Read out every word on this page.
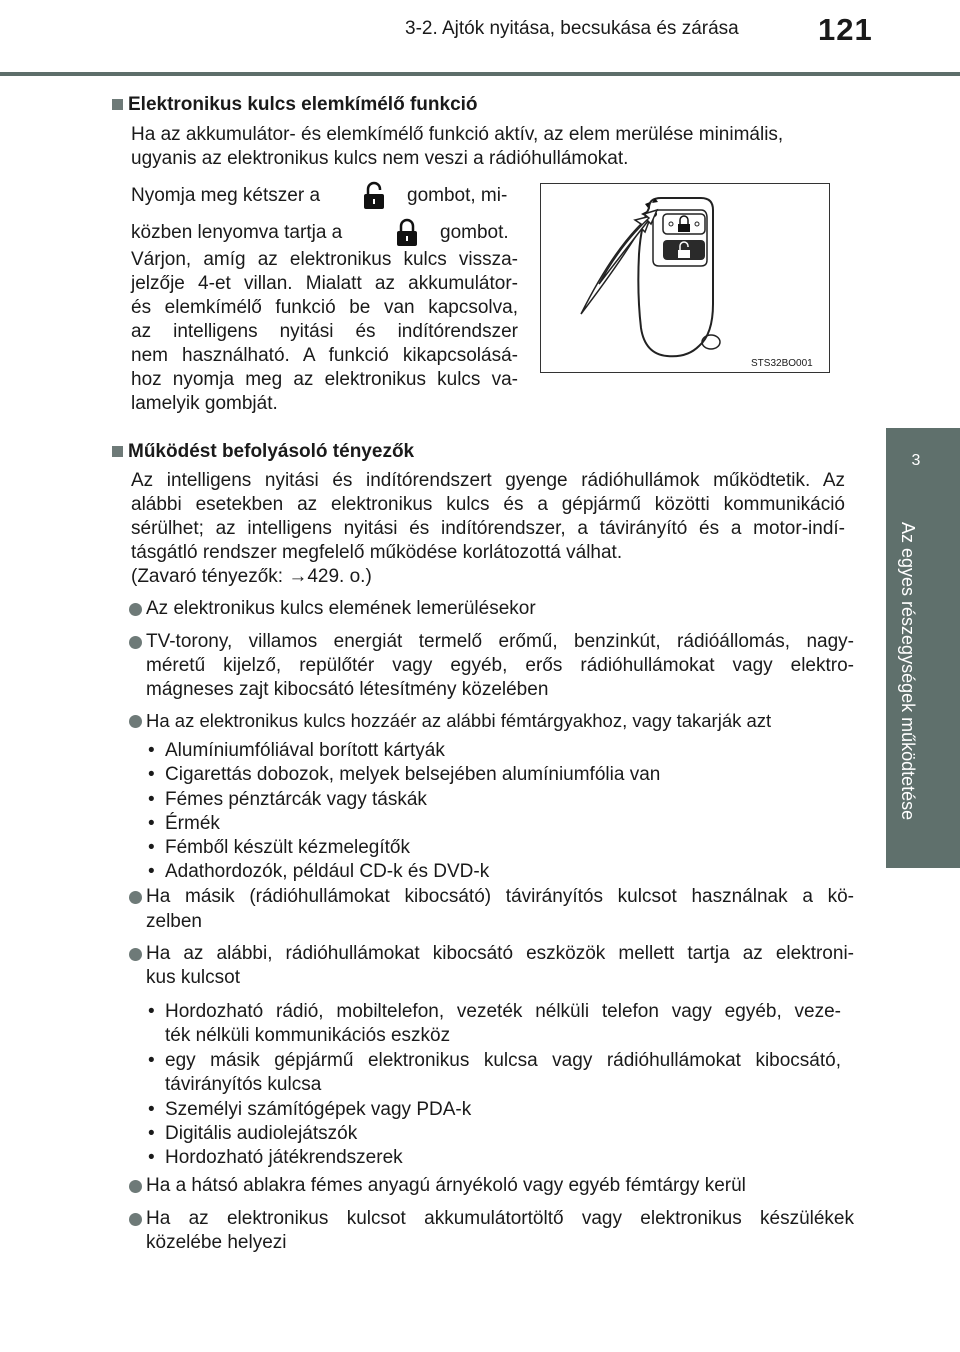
3-2. Ajtók nyitása, becsukása és zárása	121
3
Az egyes részegységek működtetése
Elektronikus kulcs elemkímélő funkció
Ha az akkumulátor- és elemkímélő funkció aktív, az elem merülése minimális,
ugyanis az elektronikus kulcs nem veszi a rádióhullámokat.
Nyomja meg kétszer a	gombot, mi-
közben lenyomva tartja a	gombot.
Várjon, amíg az elektronikus kulcs vissza-
jelzője 4-et villan. Mialatt az akkumulátor-
és elemkímélő funkció be van kapcsolva,
az intelligens nyitási és indítórendszer
nem használható. A funkció kikapcsolásá-
hoz nyomja meg az elektronikus kulcs va-
lamelyik gombját.
STS32BO001
Működést befolyásoló tényezők
Az intelligens nyitási és indítórendszert gyenge rádióhullámok működtetik. Az
alábbi esetekben az elektronikus kulcs és a gépjármű közötti kommunikáció
sérülhet; az intelligens nyitási és indítórendszer, a távirányító és a motor-indí-
tásgátló rendszer megfelelő működése korlátozottá válhat.
(Zavaró tényezők: →429. o.)
Az elektronikus kulcs elemének lemerülésekor
TV-torony, villamos energiát termelő erőmű, benzinkút, rádióállomás, nagy-
méretű kijelző, repülőtér vagy egyéb, erős rádióhullámokat vagy elektro-
mágneses zajt kibocsátó létesítmény közelében
Ha az elektronikus kulcs hozzáér az alábbi fémtárgyakhoz, vagy takarják azt
• Alumíniumfóliával borított kártyák
• Cigarettás dobozok, melyek belsejében alumíniumfólia van
• Fémes pénztárcák vagy táskák
• Érmék
• Fémből készült kézmelegítők
• Adathordozók, például CD-k és DVD-k
Ha másik (rádióhullámokat kibocsátó) távirányítós kulcsot használnak a kö-
zelben
Ha az alábbi, rádióhullámokat kibocsátó eszközök mellett tartja az elektroni-
kus kulcsot
• Hordozható rádió, mobiltelefon, vezeték nélküli telefon vagy egyéb, veze-
ték nélküli kommunikációs eszköz
• egy másik gépjármű elektronikus kulcsa vagy rádióhullámokat kibocsátó,
távirányítós kulcsa
• Személyi számítógépek vagy PDA-k
• Digitális audiolejátszók
• Hordozható játékrendszerek
Ha a hátsó ablakra fémes anyagú árnyékoló vagy egyéb fémtárgy kerül
Ha az elektronikus kulcsot akkumulátortöltő vagy elektronikus készülékek
közelébe helyezi
